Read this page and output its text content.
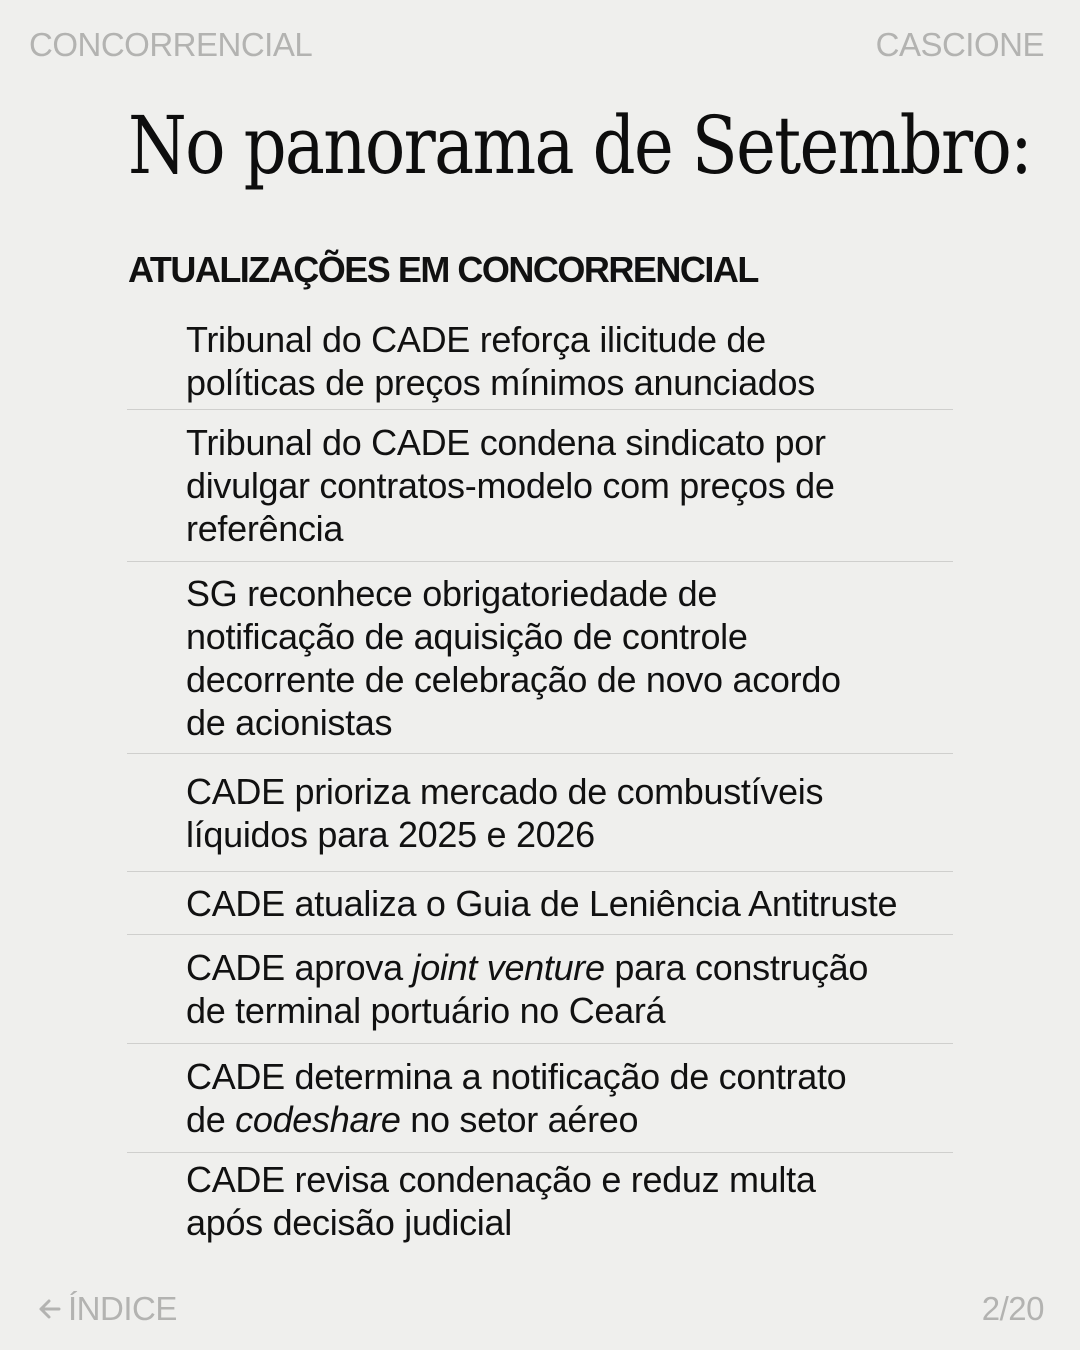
CONCORRENCIAL	CASCIONE
No panorama de Setembro:
ATUALIZAÇÕES EM CONCORRENCIAL
Tribunal do CADE reforça ilicitude de
políticas de preços mínimos anunciados
Tribunal do CADE condena sindicato por
divulgar contratos-modelo com preços de
referência
SG reconhece obrigatoriedade de
notificação de aquisição de controle
decorrente de celebração de novo acordo
de acionistas
CADE prioriza mercado de combustíveis
líquidos para 2025 e 2026
CADE atualiza o Guia de Leniência Antitruste
CADE aprova joint venture para construção
de terminal portuário no Ceará
CADE determina a notificação de contrato
de codeshare no setor aéreo
CADE revisa condenação e reduz multa
após decisão judicial
ÍNDICE	2/20
